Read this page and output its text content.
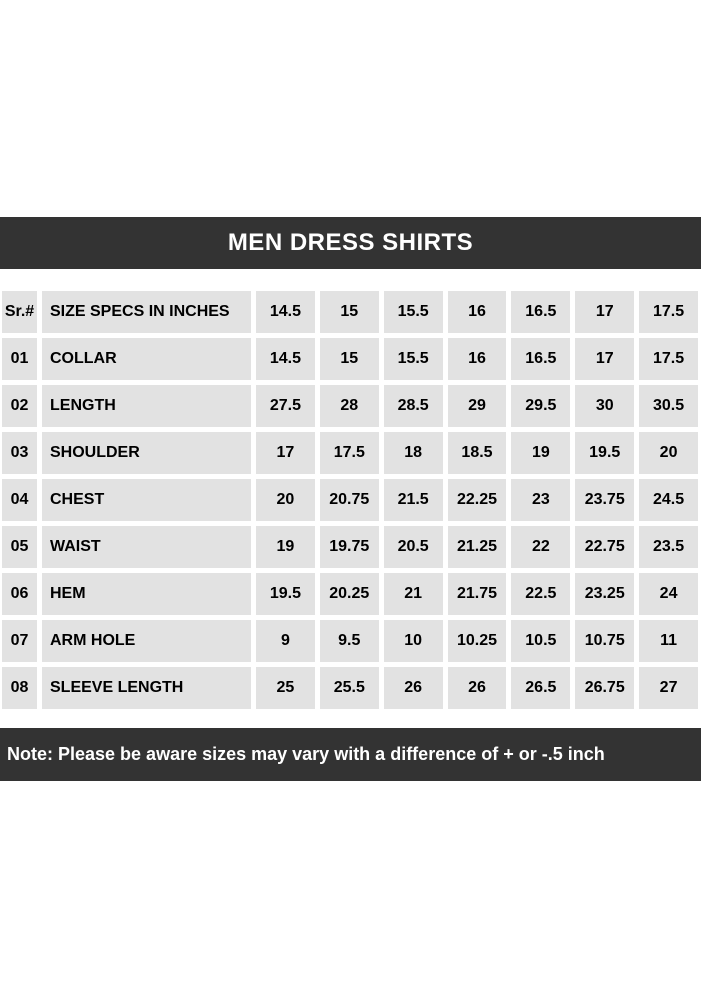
MEN DRESS SHIRTS
Sr.# SIZE SPECS IN INCHES	14.5	15	15.5	16	16.5	17	17.5
01	COLLAR	14.5	15	15.5	16	16.5	17	17.5
02	LENGTH	27.5	28	28.5	29	29.5	30	30.5
03	SHOULDER	17	17.5	18	18.5	19	19.5	20
04	CHEST	20	20.75	21.5	22.25	23	23.75	24.5
05	WAIST	19	19.75	20.5	21.25	22	22.75	23.5
06	HEM	19.5	20.25	21	21.75	22.5	23.25	24
07	ARM HOLE	9	9.5	10	10.25	10.5	10.75	11
08	SLEEVE LENGTH	25	25.5	26	26	26.5	26.75	27
Note: Please be aware sizes may vary with a difference of + or -.5 inch
